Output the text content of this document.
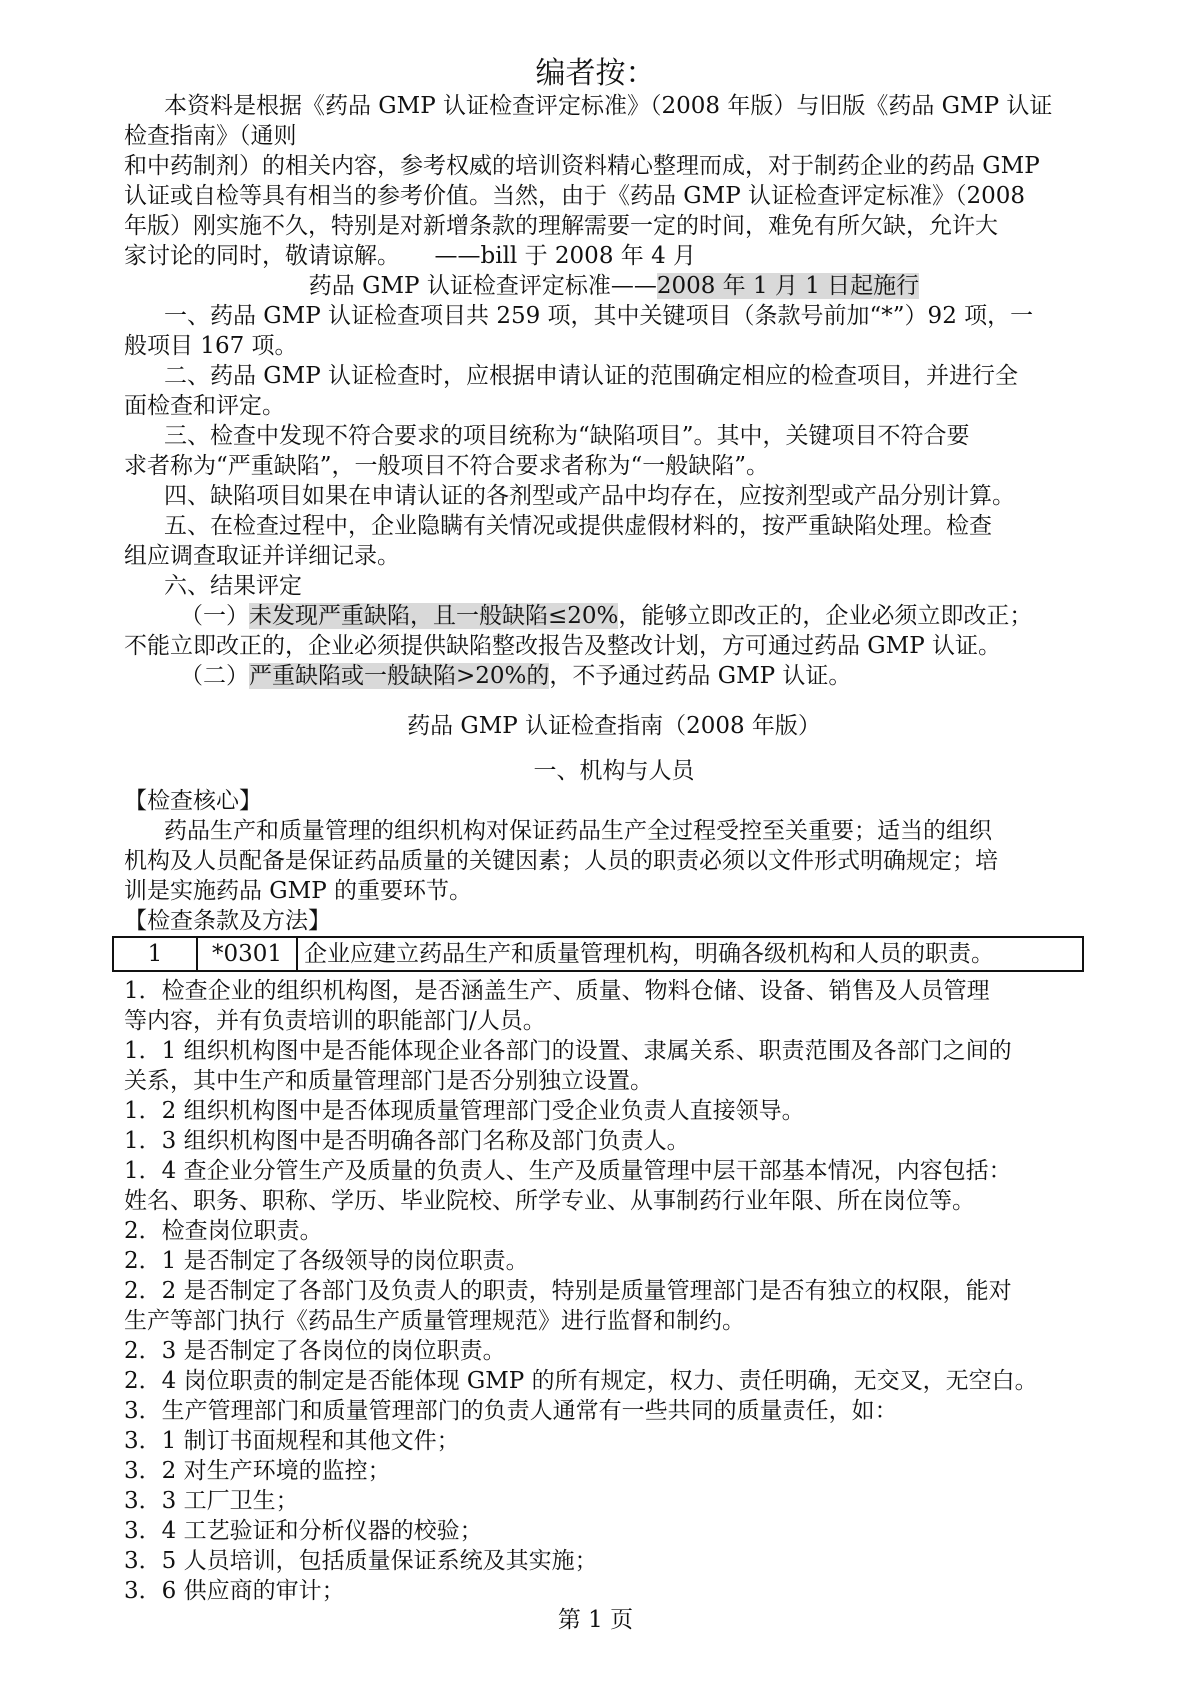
编者按：
本资料是根据《药品 GMP 认证检查评定标准》（2008 年版）与旧版《药品 GMP 认证
检查指南》（通则
和中药制剂）的相关内容，参考权威的培训资料精心整理而成，对于制药企业的药品 GMP
认证或自检等具有相当的参考价值。当然，由于《药品 GMP 认证检查评定标准》（2008
年版）刚实施不久，特别是对新增条款的理解需要一定的时间，难免有所欠缺，允许大
家讨论的同时，敬请谅解。　　——bill 于 2008 年 4 月
药品 GMP 认证检查评定标准——2008 年 1 月 1 日起施行
一、药品 GMP 认证检查项目共 259 项，其中关键项目（条款号前加“*”）92 项，一
般项目 167 项。
二、药品 GMP 认证检查时，应根据申请认证的范围确定相应的检查项目，并进行全
面检查和评定。
三、检查中发现不符合要求的项目统称为“缺陷项目”。其中，关键项目不符合要
求者称为“严重缺陷”，一般项目不符合要求者称为“一般缺陷”。
四、缺陷项目如果在申请认证的各剂型或产品中均存在，应按剂型或产品分别计算。
五、在检查过程中，企业隐瞒有关情况或提供虚假材料的，按严重缺陷处理。检查
组应调查取证并详细记录。
六、结果评定
（一）未发现严重缺陷，且一般缺陷≤20%，能够立即改正的，企业必须立即改正；
不能立即改正的，企业必须提供缺陷整改报告及整改计划，方可通过药品 GMP 认证。
（二）严重缺陷或一般缺陷>20%的，不予通过药品 GMP 认证。
药品 GMP 认证检查指南（2008 年版）
一、机构与人员
【检查核心】
药品生产和质量管理的组织机构对保证药品生产全过程受控至关重要；适当的组织
机构及人员配备是保证药品质量的关键因素；人员的职责必须以文件形式明确规定；培
训是实施药品 GMP 的重要环节。
【检查条款及方法】
1	*0301 企业应建立药品生产和质量管理机构，明确各级机构和人员的职责。
1．检查企业的组织机构图，是否涵盖生产、质量、物料仓储、设备、销售及人员管理
等内容，并有负责培训的职能部门/人员。
1．1 组织机构图中是否能体现企业各部门的设置、隶属关系、职责范围及各部门之间的
关系，其中生产和质量管理部门是否分别独立设置。
1．2 组织机构图中是否体现质量管理部门受企业负责人直接领导。
1．3 组织机构图中是否明确各部门名称及部门负责人。
1．4 查企业分管生产及质量的负责人、生产及质量管理中层干部基本情况，内容包括：
姓名、职务、职称、学历、毕业院校、所学专业、从事制药行业年限、所在岗位等。
2．检查岗位职责。
2．1 是否制定了各级领导的岗位职责。
2．2 是否制定了各部门及负责人的职责，特别是质量管理部门是否有独立的权限，能对
生产等部门执行《药品生产质量管理规范》进行监督和制约。
2．3 是否制定了各岗位的岗位职责。
2．4 岗位职责的制定是否能体现 GMP 的所有规定，权力、责任明确，无交叉，无空白。
3．生产管理部门和质量管理部门的负责人通常有一些共同的质量责任，如：
3．1 制订书面规程和其他文件；
3．2 对生产环境的监控；
3．3 工厂卫生；
3．4 工艺验证和分析仪器的校验；
3．5 人员培训，包括质量保证系统及其实施；
3．6 供应商的审计；
第 1 页
